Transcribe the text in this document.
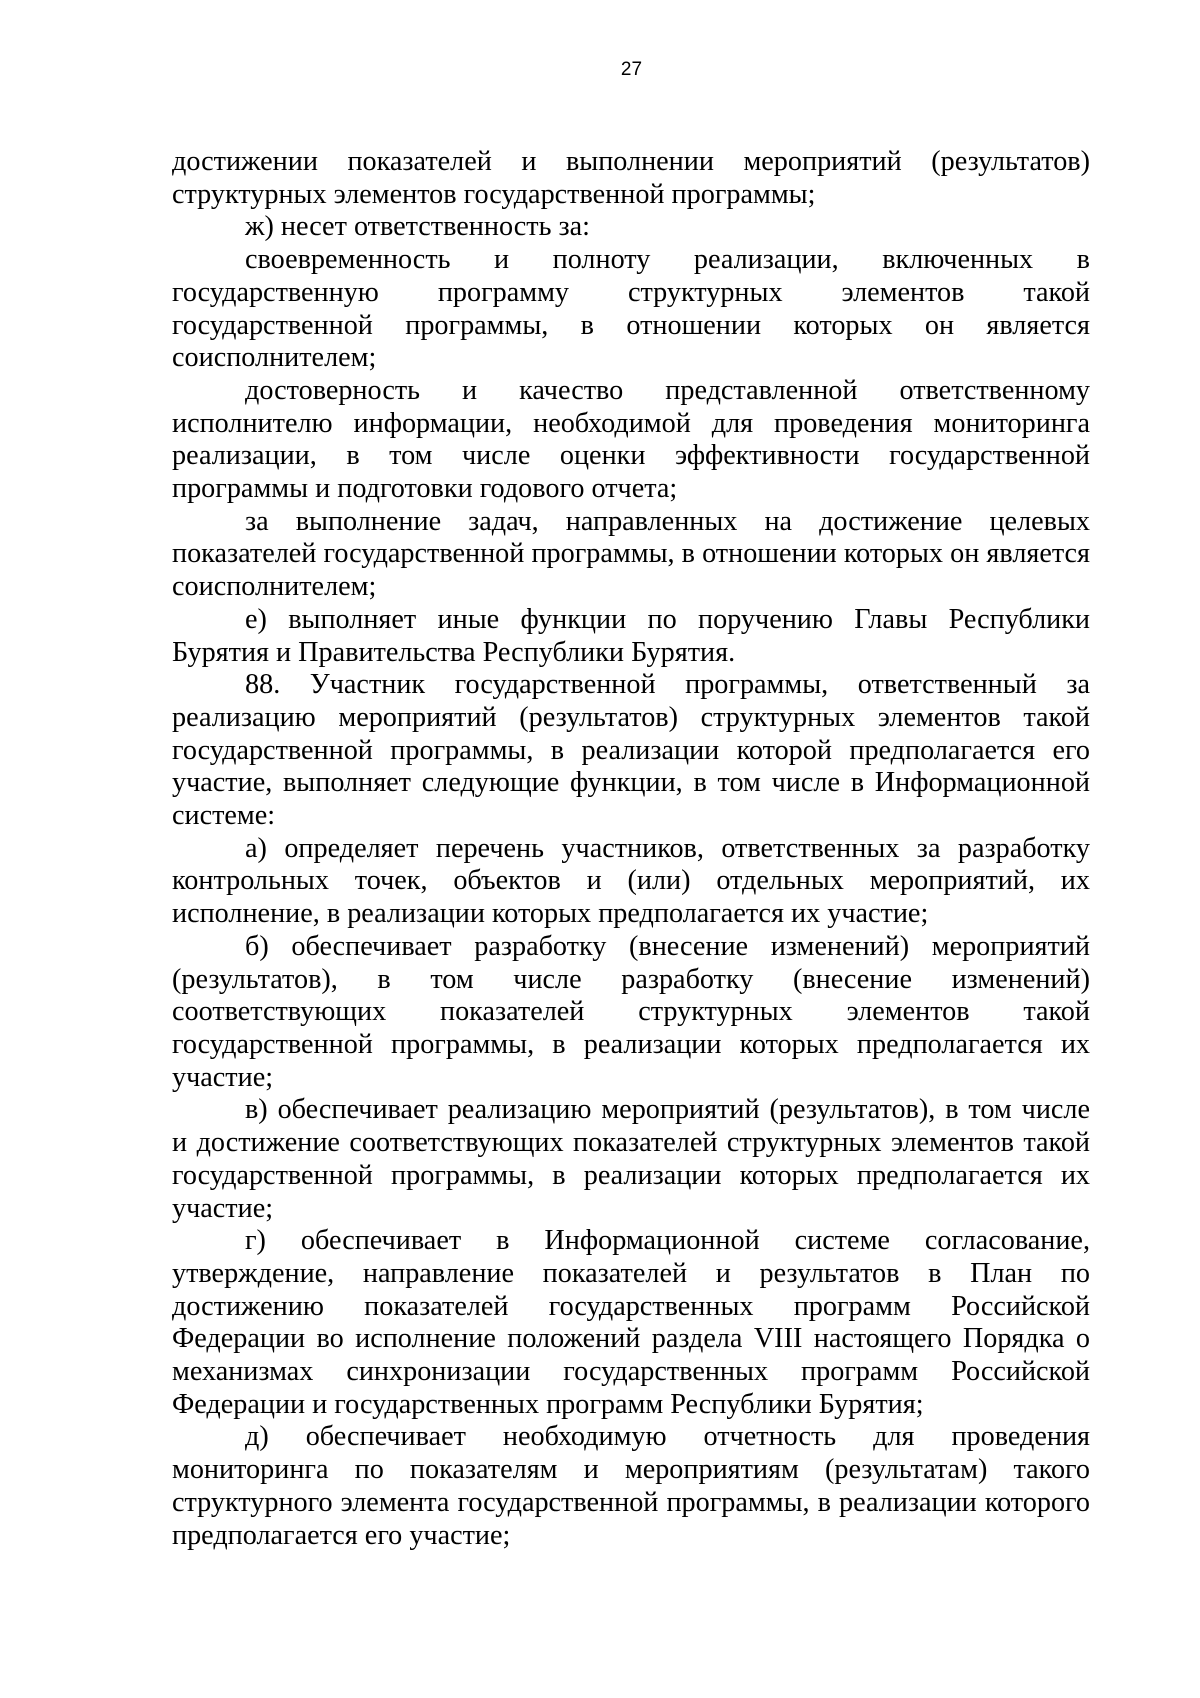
27

достижении показателей и выполнении мероприятий (результатов) структурных элементов государственной программы;

ж) несет ответственность за:

своевременность и полноту реализации, включенных в государственную программу структурных элементов такой государственной программы, в отношении которых он является соисполнителем;

достоверность и качество представленной ответственному исполнителю информации, необходимой для проведения мониторинга реализации, в том числе оценки эффективности государственной программы и подготовки годового отчета;

за выполнение задач, направленных на достижение целевых показателей государственной программы, в отношении которых он является соисполнителем;

е) выполняет иные функции по поручению Главы Республики Бурятия и Правительства Республики Бурятия.

88. Участник государственной программы, ответственный за реализацию мероприятий (результатов) структурных элементов такой государственной программы, в реализации которой предполагается его участие, выполняет следующие функции, в том числе в Информационной системе:

а) определяет перечень участников, ответственных за разработку контрольных точек, объектов и (или) отдельных мероприятий, их исполнение, в реализации которых предполагается их участие;

б) обеспечивает разработку (внесение изменений) мероприятий (результатов), в том числе разработку (внесение изменений) соответствующих показателей структурных элементов такой государственной программы, в реализации которых предполагается их участие;

в) обеспечивает реализацию мероприятий (результатов), в том числе и достижение соответствующих показателей структурных элементов такой государственной программы, в реализации которых предполагается их участие;

г) обеспечивает в Информационной системе согласование, утверждение, направление показателей и результатов в План по достижению показателей государственных программ Российской Федерации во исполнение положений раздела VIII настоящего Порядка о механизмах синхронизации государственных программ Российской Федерации и государственных программ Республики Бурятия;

д) обеспечивает необходимую отчетность для проведения мониторинга по показателям и мероприятиям (результатам) такого структурного элемента государственной программы, в реализации которого предполагается его участие;
